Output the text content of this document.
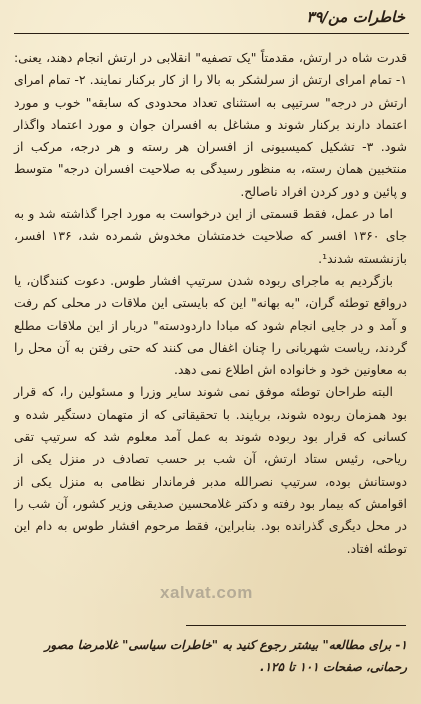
خاطرات من/۳۹

قدرت شاه در ارتش، مقدمتاً "یک تصفیه" انقلابی در ارتش انجام دهند، یعنی: ۱- تمام امرای ارتش از سرلشکر به بالا را از کار برکنار نمایند. ۲- تمام امرای ارتش در درجه" سرتیپی به استثنای تعداد محدودی که سابقه" خوب و مورد اعتماد دارند برکنار شوند و مشاغل به افسران جوان و مورد اعتماد واگذار شود. ۳- تشکیل کمیسیونی از افسران هر رسته و هر درجه، مرکب از منتخبین همان رسته، به منظور رسیدگی به صلاحیت افسران درجه" متوسط و پائین و دور کردن افراد ناصالح.

اما در عمل، فقط قسمتی از این درخواست به مورد اجرا گذاشته شد و به جای ۱۳۶۰ افسر که صلاحیت خدمتشان مخدوش شمرده شد، ۱۳۶ افسر، بازنشسته شدند¹.

بازگردیم به ماجرای ربوده شدن سرتیپ افشار طوس. دعوت کنندگان، یا درواقع توطئه گران، "به بهانه" این که بایستی این ملاقات در محلی کم رفت و آمد و در جایی انجام شود که مبادا داردودسته" دربار از این ملاقات مطلع گردند، ریاست شهربانی را چنان اغفال می کنند که حتی رفتن به آن محل را به معاونین خود و خانواده اش اطلاع نمی دهد.

البته طراحان توطئه موفق نمی شوند سایر وزرا و مسئولین را، که قرار بود همزمان ربوده شوند، بربایند. با تحقیقاتی که از متهمان دستگیر شده و کسانی که قرار بود ربوده شوند به عمل آمد معلوم شد که سرتیپ تقی ریاحی، رئیس ستاد ارتش، آن شب بر حسب تصادف در منزل یکی از دوستانش بوده، سرتیپ نصرالله مدبر فرماندار نظامی به منزل یکی از اقوامش که بیمار بود رفته و دکتر غلامحسین صدیقی وزیر کشور، آن شب را در محل دیگری گذرانده بود. بنابراین، فقط مرحوم افشار طوس به دام این توطئه افتاد.

xalvat.com

۱- برای مطالعه" بیشتر رجوع کنید به "خاطرات سیاسی" غلامرضا مصور رحمانی، صفحات ۱۰۱ تا ۱۲۵.
